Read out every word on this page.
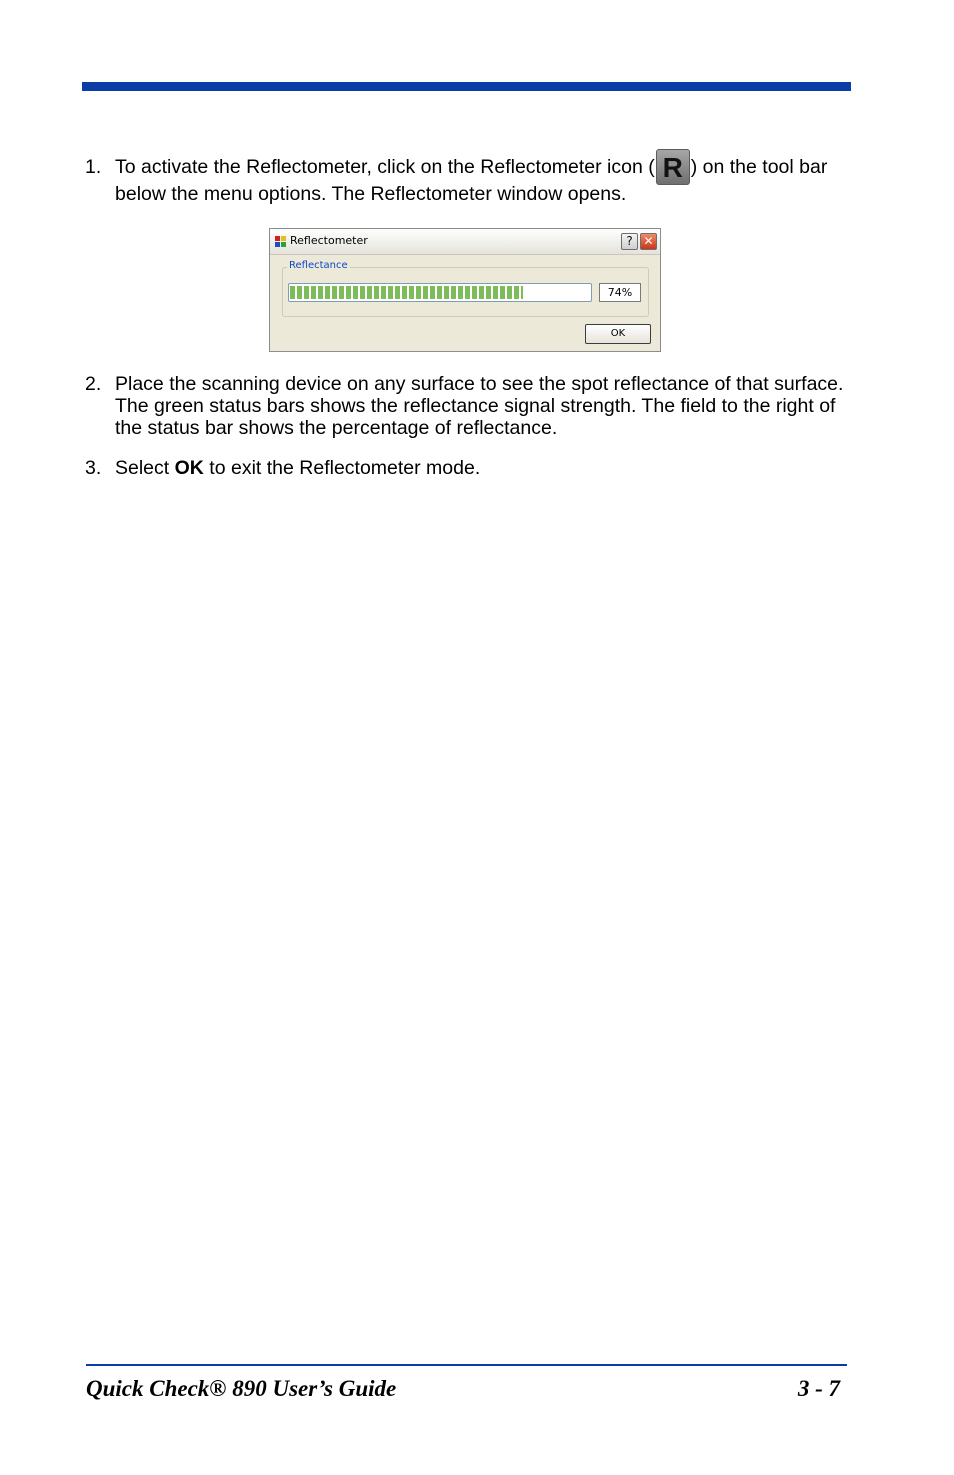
1. To activate the Reflectometer, click on the Reflectometer icon ( R ) on the tool bar below the menu options. The Reflectometer window opens.
Reflectometer	? ✕
Reflectance
74%
OK
2. Place the scanning device on any surface to see the spot reflectance of that surface. The green status bars shows the reflectance signal strength. The field to the right of the status bar shows the percentage of reflectance.
3. Select OK to exit the Reflectometer mode.
Quick Check® 890 User’s Guide	3 - 7
